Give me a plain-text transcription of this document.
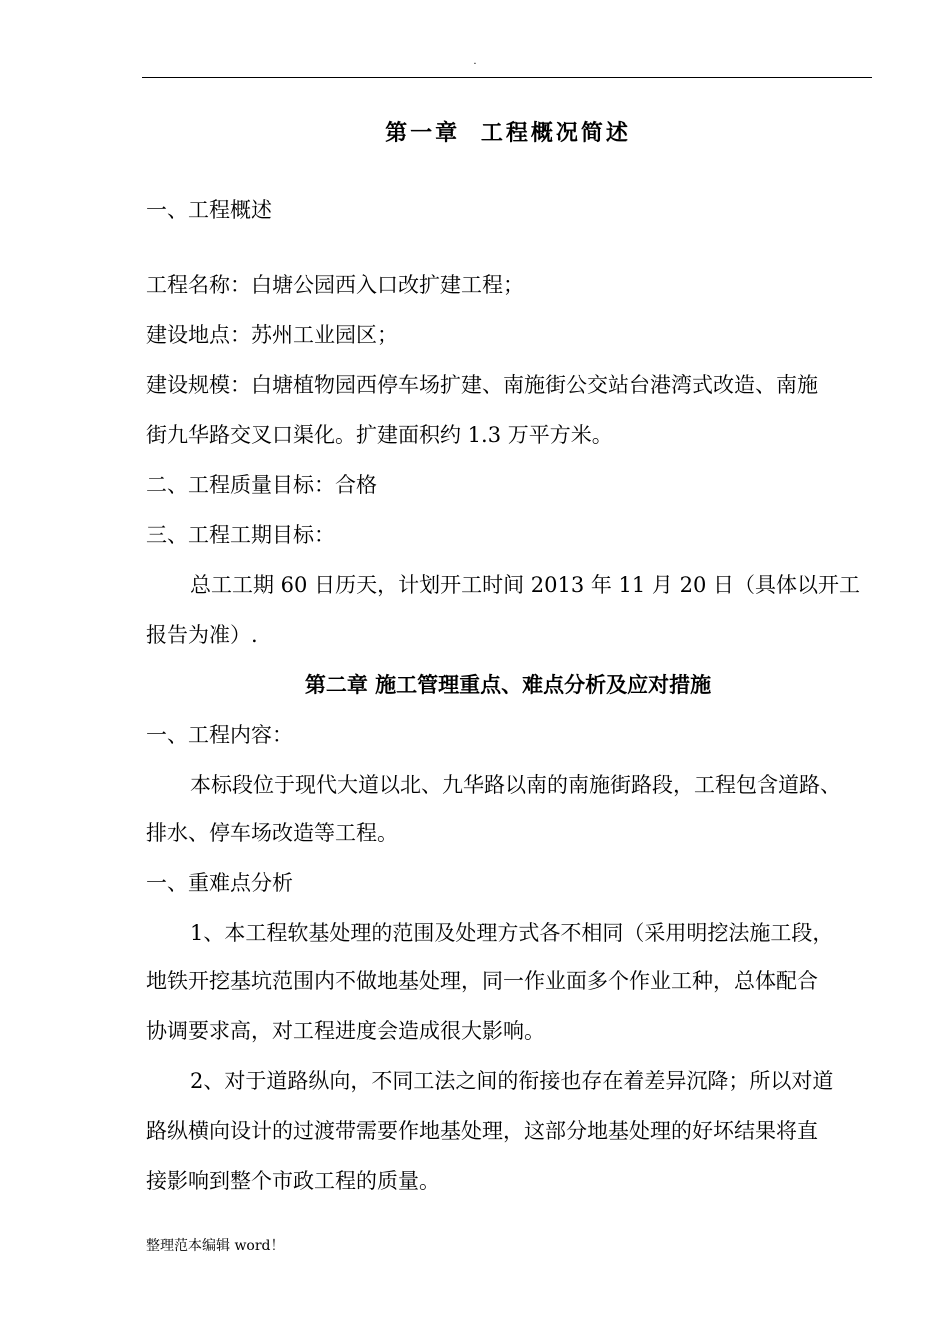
.
第一章 工程概况简述
一、工程概述
工程名称：白塘公园西入口改扩建工程；
建设地点：苏州工业园区；
建设规模：白塘植物园西停车场扩建、南施街公交站台港湾式改造、南施
街九华路交叉口渠化。扩建面积约 1.3 万平方米。
二、工程质量目标：合格
三、工程工期目标：
总工工期 60 日历天，计划开工时间 2013 年 11 月 20 日（具体以开工
报告为准）.
第二章 施工管理重点、难点分析及应对措施
一、工程内容：
本标段位于现代大道以北、九华路以南的南施街路段，工程包含道路、
排水、停车场改造等工程。
一、重难点分析
1、本工程软基处理的范围及处理方式各不相同（采用明挖法施工段，
地铁开挖基坑范围内不做地基处理，同一作业面多个作业工种，总体配合
协调要求高，对工程进度会造成很大影响。
2、对于道路纵向，不同工法之间的衔接也存在着差异沉降；所以对道
路纵横向设计的过渡带需要作地基处理，这部分地基处理的好坏结果将直
接影响到整个市政工程的质量。
整理范本编辑 word！
